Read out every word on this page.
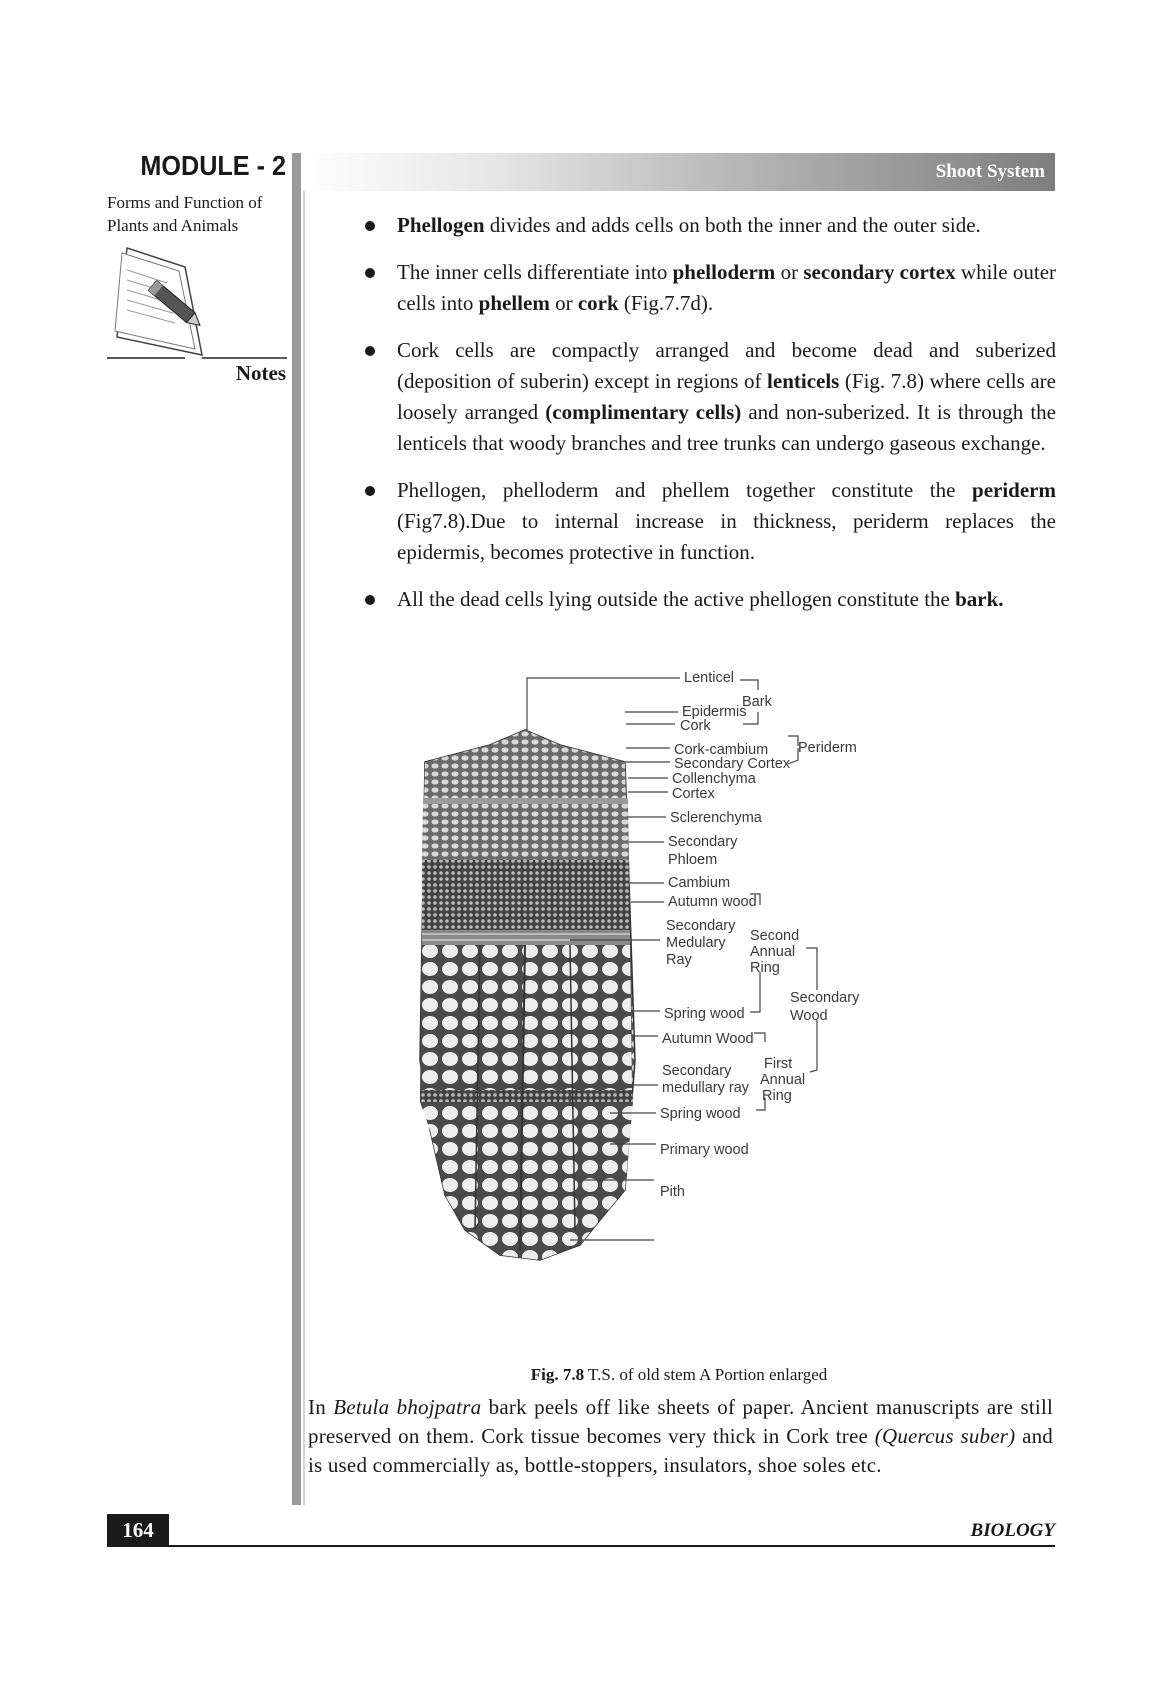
MODULE - 2
Forms and Function of
Plants and Animals
Notes
Shoot System
Phellogen divides and adds cells on both the inner and the outer side.
The inner cells differentiate into phelloderm or secondary cortex while outer cells into phellem or cork (Fig.7.7d).
Cork cells are compactly arranged and become dead and suberized (deposition of suberin) except in regions of lenticels (Fig. 7.8) where cells are loosely arranged (complimentary cells) and non-suberized. It is through the lenticels that woody branches and tree trunks can undergo gaseous exchange.
Phellogen, phelloderm and phellem together constitute the periderm (Fig7.8).Due to internal increase in thickness, periderm replaces the epidermis, becomes protective in function.
All the dead cells lying outside the active phellogen constitute the bark.
Lenticel
Bark
Epidermis
Cork
Periderm
Cork-cambium
Secondary Cortex
Collenchyma
Cortex
Sclerenchyma
Secondary
Phloem
Cambium
Autumn wood
Secondary
Medulary
Ray
Second
Annual
Ring
Secondary
Wood
Spring wood
Autumn Wood
Secondary
medullary ray
First
Annual
Ring
Spring wood
Primary wood
Pith
Fig. 7.8 T.S. of old stem A Portion enlarged
In Betula bhojpatra bark peels off like sheets of paper. Ancient manuscripts are still preserved on them. Cork tissue becomes very thick in Cork tree (Quercus suber) and is used commercially as, bottle-stoppers, insulators, shoe soles etc.
164	BIOLOGY
